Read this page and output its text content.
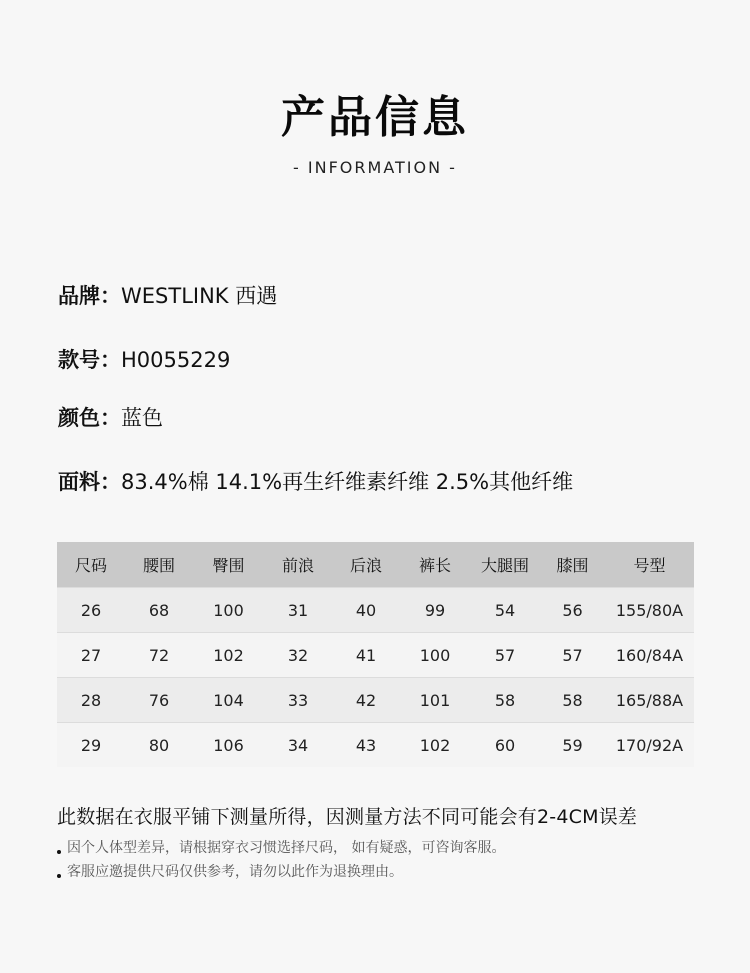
产品信息
- INFORMATION -
品牌：WESTLINK 西遇
款号：H0055229
颜色：蓝色
面料：83.4%棉 14.1%再生纤维素纤维 2.5%其他纤维
尺码	腰围	臀围	前浪	后浪	裤长	大腿围	膝围	号型
26	68	100	31	40	99	54	56	155/80A
27	72	102	32	41	100	57	57	160/84A
28	76	104	33	42	101	58	58	165/88A
29	80	106	34	43	102	60	59	170/92A
此数据在衣服平铺下测量所得，因测量方法不同可能会有2-4CM误差
因个人体型差异，请根据穿衣习惯选择尺码， 如有疑惑，可咨询客服。
客服应邀提供尺码仅供参考，请勿以此作为退换理由。
